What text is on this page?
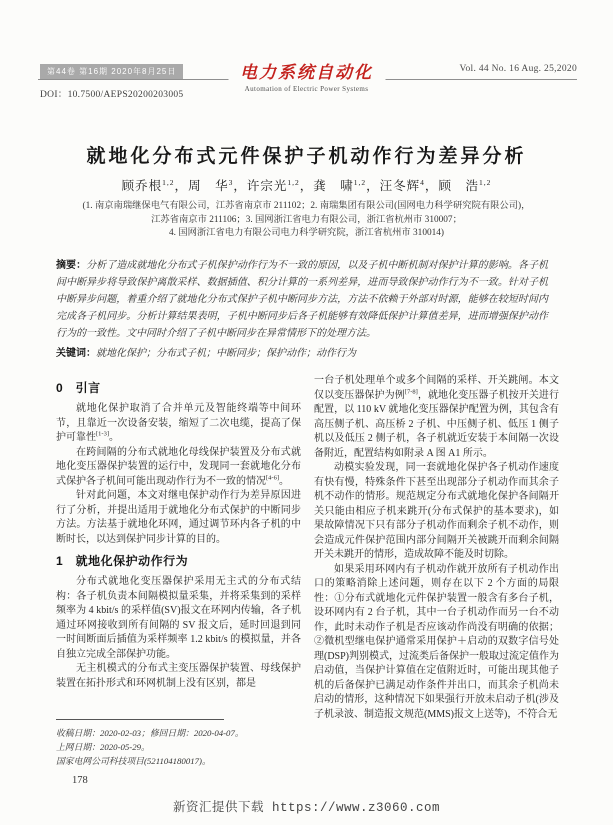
第44卷 第16期 2020年8月25日
DOI：10.7500/AEPS20200203005
电力系统自动化
Automation of Electric Power Systems
Vol. 44 No. 16 Aug. 25,2020
就地化分布式元件保护子机动作行为差异分析
顾乔根$^{1,2}$，周　华$^3$，许宗光$^{1,2}$，龚　啸$^{1,2}$，汪冬辉$^4$，顾　浩$^{1,2}$
(1. 南京南瑞继保电气有限公司，江苏省南京市 211102；2. 南瑞集团有限公司(国网电力科学研究院有限公司)，
江苏省南京市 211106；3. 国网浙江省电力有限公司，浙江省杭州市 310007；
4. 国网浙江省电力有限公司电力科学研究院，浙江省杭州市 310014)
摘要：分析了造成就地化分布式子机保护动作行为不一致的原因，以及子机中断机制对保护计算的影响。各子机间中断异步将导致保护离散采样、数据插值、积分计算的一系列差异，进而导致保护动作行为不一致。针对子机中断异步问题，着重介绍了就地化分布式保护子机中断同步方法，方法不依赖于外部对时源，能够在较短时间内完成各子机同步。分析计算结果表明，子机中断同步后各子机能够有效降低保护计算值差异，进而增强保护动作行为的一致性。文中同时介绍了子机中断同步在异常情形下的处理方法。
关键词：就地化保护；分布式子机；中断同步；保护动作；动作行为
0　引言

就地化保护取消了合并单元及智能终端等中间环节，且靠近一次设备安装，缩短了二次电缆，提高了保护可靠性[1-3]。

在跨间隔的分布式就地化母线保护装置及分布式就地化变压器保护装置的运行中，发现同一套就地化分布式保护各子机间可能出现动作行为不一致的情况[4-6]。

针对此问题，本文对继电保护动作行为差异原因进行了分析，并提出适用于就地化分布式保护的中断同步方法。方法基于就地化环网，通过调节环内各子机的中断时长，以达到保护同步计算的目的。

1　就地化保护动作行为

分布式就地化变压器保护采用无主式的分布式结构：各子机负责本间隔模拟量采集，并将采集到的采样频率为 4 kbit/s 的采样值(SV)报文在环网内传输，各子机通过环网接收到所有间隔的 SV 报文后，延时回退到同一时间断面后插值为采样频率 1.2 kbit/s 的模拟量，并各自独立完成全部保护功能。

无主机模式的分布式主变压器保护装置、母线保护装置在拓扑形式和环网机制上没有区别，都是

一台子机处理单个或多个间隔的采样、开关跳闸。本文仅以变压器保护为例[7-8]，就地化变压器子机按开关进行配置，以 110 kV 就地化变压器保护配置为例，其包含有高压侧子机、高压桥 2 子机、中压侧子机、低压 1 侧子机以及低压 2 侧子机，各子机就近安装于本间隔一次设备附近，配置结构如附录 A 图 A1 所示。

动模实验发现，同一套就地化保护各子机动作速度有快有慢，特殊条件下甚至出现部分子机动作而其余子机不动作的情形。规范规定分布式就地化保护各间隔开关只能由相应子机来跳开(分布式保护的基本要求)，如果故障情况下只有部分子机动作而剩余子机不动作，则会造成元件保护范围内部分间隔开关被跳开而剩余间隔开关未跳开的情形，造成故障不能及时切除。

如果采用环网内有子机动作就开放所有子机动作出口的策略消除上述问题，则存在以下 2 个方面的局限性：①分布式就地化元件保护装置一般含有多台子机，设环网内有 2 台子机，其中一台子机动作而另一台不动作，此时未动作子机是否应该动作尚没有明确的依据；②微机型继电保护通常采用保护＋启动的双数字信号处理(DSP)判别模式，过流类后备保护一般取过流定值作为启动值，当保护计算值在定值附近时，可能出现其他子机的后备保护已满足动作条件并出口，而其余子机尚未启动的情形，这种情况下如果强行开放未启动子机(涉及子机录波、制造报文规范(MMS)报文上送等)，不符合无

收稿日期：2020-02-03；修回日期：2020-04-07。
上网日期：2020-05-29。
国家电网公司科技项目(521104180017)。
178
新资汇提供下载 https://www.z3060.com
